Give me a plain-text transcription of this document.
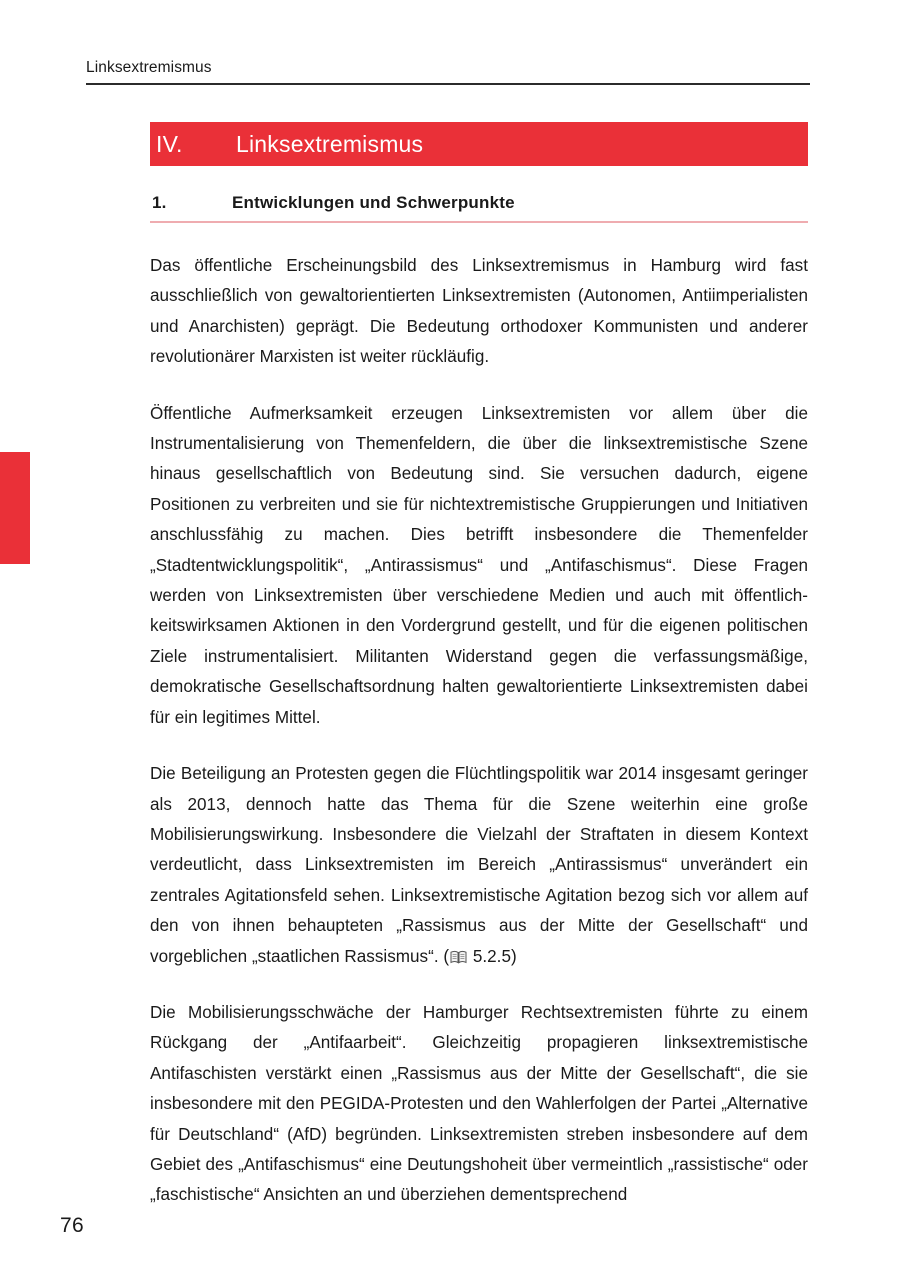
Linksextremismus
IV.	Linksextremismus
1.	Entwicklungen und Schwerpunkte

Das öffentliche Erscheinungsbild des Linksextremismus in Hamburg wird fast ausschließlich von gewaltorientierten Linksextremisten (Autonomen, Antiimperialisten und Anarchisten) geprägt. Die Bedeutung orthodoxer Kommunisten und anderer revolutionärer Marxisten ist weiter rückläufig.

Öffentliche Aufmerksamkeit erzeugen Linksextremisten vor allem über die Instrumentalisierung von Themenfeldern, die über die linksextremistische Szene hinaus gesellschaftlich von Bedeutung sind. Sie versuchen dadurch, eigene Positionen zu verbreiten und sie für nichtextremistische Gruppierungen und Initiativen anschlussfähig zu machen. Dies betrifft insbesondere die Themenfelder „Stadtentwicklungspolitik“, „Antirassismus“ und „Antifaschismus“. Diese Fragen werden von Linksextremisten über verschiedene Medien und auch mit öffentlichkeitswirksamen Aktionen in den Vordergrund gestellt, und für die eigenen politischen Ziele instrumentalisiert. Militanten Widerstand gegen die verfassungsmäßige, demokratische Gesellschaftsordnung halten gewaltorientierte Linksextremisten dabei für ein legitimes Mittel.

Die Beteiligung an Protesten gegen die Flüchtlingspolitik war 2014 insgesamt geringer als 2013, dennoch hatte das Thema für die Szene weiterhin eine große Mobilisierungswirkung. Insbesondere die Vielzahl der Straftaten in diesem Kontext verdeutlicht, dass Linksextremisten im Bereich „Antirassismus“ unverändert ein zentrales Agitationsfeld sehen. Linksextremistische Agitation bezog sich vor allem auf den von ihnen behaupteten „Rassismus aus der Mitte der Gesellschaft“ und vorgeblichen „staatlichen Rassismus“. (
5.2.5)

Die Mobilisierungsschwäche der Hamburger Rechtsextremisten führte zu einem Rückgang der „Antifaarbeit“. Gleichzeitig propagieren linksextremistische Antifaschisten verstärkt einen „Rassismus aus der Mitte der Gesellschaft“, die sie insbesondere mit den PEGIDA-Protesten und den Wahlerfolgen der Partei „Alternative für Deutschland“ (AfD) begründen. Linksextremisten streben insbesondere auf dem Gebiet des „Antifaschismus“ eine Deutungshoheit über vermeintlich „rassistische“ oder „faschistische“ Ansichten an und überziehen dementsprechend

76
